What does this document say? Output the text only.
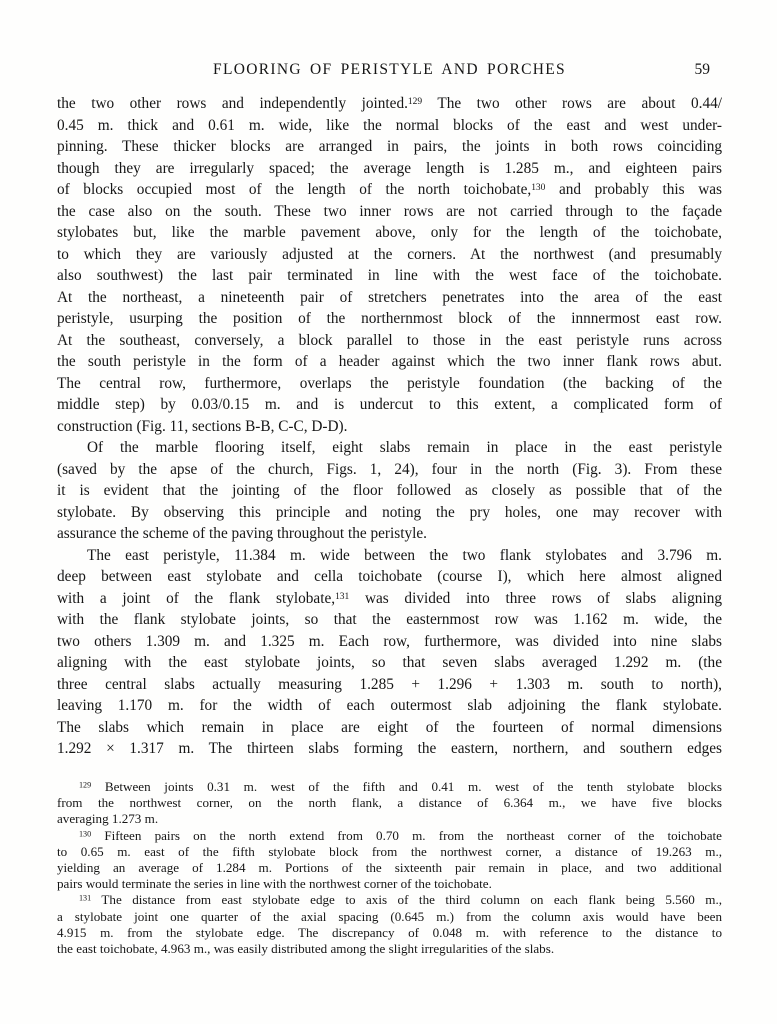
FLOORING OF PERISTYLE AND PORCHES	59
the two other rows and independently jointed.$^{129}$ The two other rows are about 0.44/
0.45 m. thick and 0.61 m. wide, like the normal blocks of the east and west under-
pinning. These thicker blocks are arranged in pairs, the joints in both rows coinciding
though they are irregularly spaced; the average length is 1.285 m., and eighteen pairs
of blocks occupied most of the length of the north toichobate,$^{130}$ and probably this was
the case also on the south. These two inner rows are not carried through to the façade
stylobates but, like the marble pavement above, only for the length of the toichobate,
to which they are variously adjusted at the corners. At the northwest (and presumably
also southwest) the last pair terminated in line with the west face of the toichobate.
At the northeast, a nineteenth pair of stretchers penetrates into the area of the east
peristyle, usurping the position of the northernmost block of the innnermost east row.
At the southeast, conversely, a block parallel to those in the east peristyle runs across
the south peristyle in the form of a header against which the two inner flank rows abut.
The central row, furthermore, overlaps the peristyle foundation (the backing of the
middle step) by 0.03/0.15 m. and is undercut to this extent, a complicated form of
construction (Fig. 11, sections B-B, C-C, D-D).
Of the marble flooring itself, eight slabs remain in place in the east peristyle
(saved by the apse of the church, Figs. 1, 24), four in the north (Fig. 3). From these
it is evident that the jointing of the floor followed as closely as possible that of the
stylobate. By observing this principle and noting the pry holes, one may recover with
assurance the scheme of the paving throughout the peristyle.
The east peristyle, 11.384 m. wide between the two flank stylobates and 3.796 m.
deep between east stylobate and cella toichobate (course I), which here almost aligned
with a joint of the flank stylobate,$^{131}$ was divided into three rows of slabs aligning
with the flank stylobate joints, so that the easternmost row was 1.162 m. wide, the
two others 1.309 m. and 1.325 m. Each row, furthermore, was divided into nine slabs
aligning with the east stylobate joints, so that seven slabs averaged 1.292 m. (the
three central slabs actually measuring 1.285 + 1.296 + 1.303 m. south to north),
leaving 1.170 m. for the width of each outermost slab adjoining the flank stylobate.
The slabs which remain in place are eight of the fourteen of normal dimensions
1.292 × 1.317 m. The thirteen slabs forming the eastern, northern, and southern edges
$^{129}$ Between joints 0.31 m. west of the fifth and 0.41 m. west of the tenth stylobate blocks
from the northwest corner, on the north flank, a distance of 6.364 m., we have five blocks
averaging 1.273 m.
$^{130}$ Fifteen pairs on the north extend from 0.70 m. from the northeast corner of the toichobate
to 0.65 m. east of the fifth stylobate block from the northwest corner, a distance of 19.263 m.,
yielding an average of 1.284 m. Portions of the sixteenth pair remain in place, and two additional
pairs would terminate the series in line with the northwest corner of the toichobate.
$^{131}$ The distance from east stylobate edge to axis of the third column on each flank being 5.560 m.,
a stylobate joint one quarter of the axial spacing (0.645 m.) from the column axis would have been
4.915 m. from the stylobate edge. The discrepancy of 0.048 m. with reference to the distance to
the east toichobate, 4.963 m., was easily distributed among the slight irregularities of the slabs.
